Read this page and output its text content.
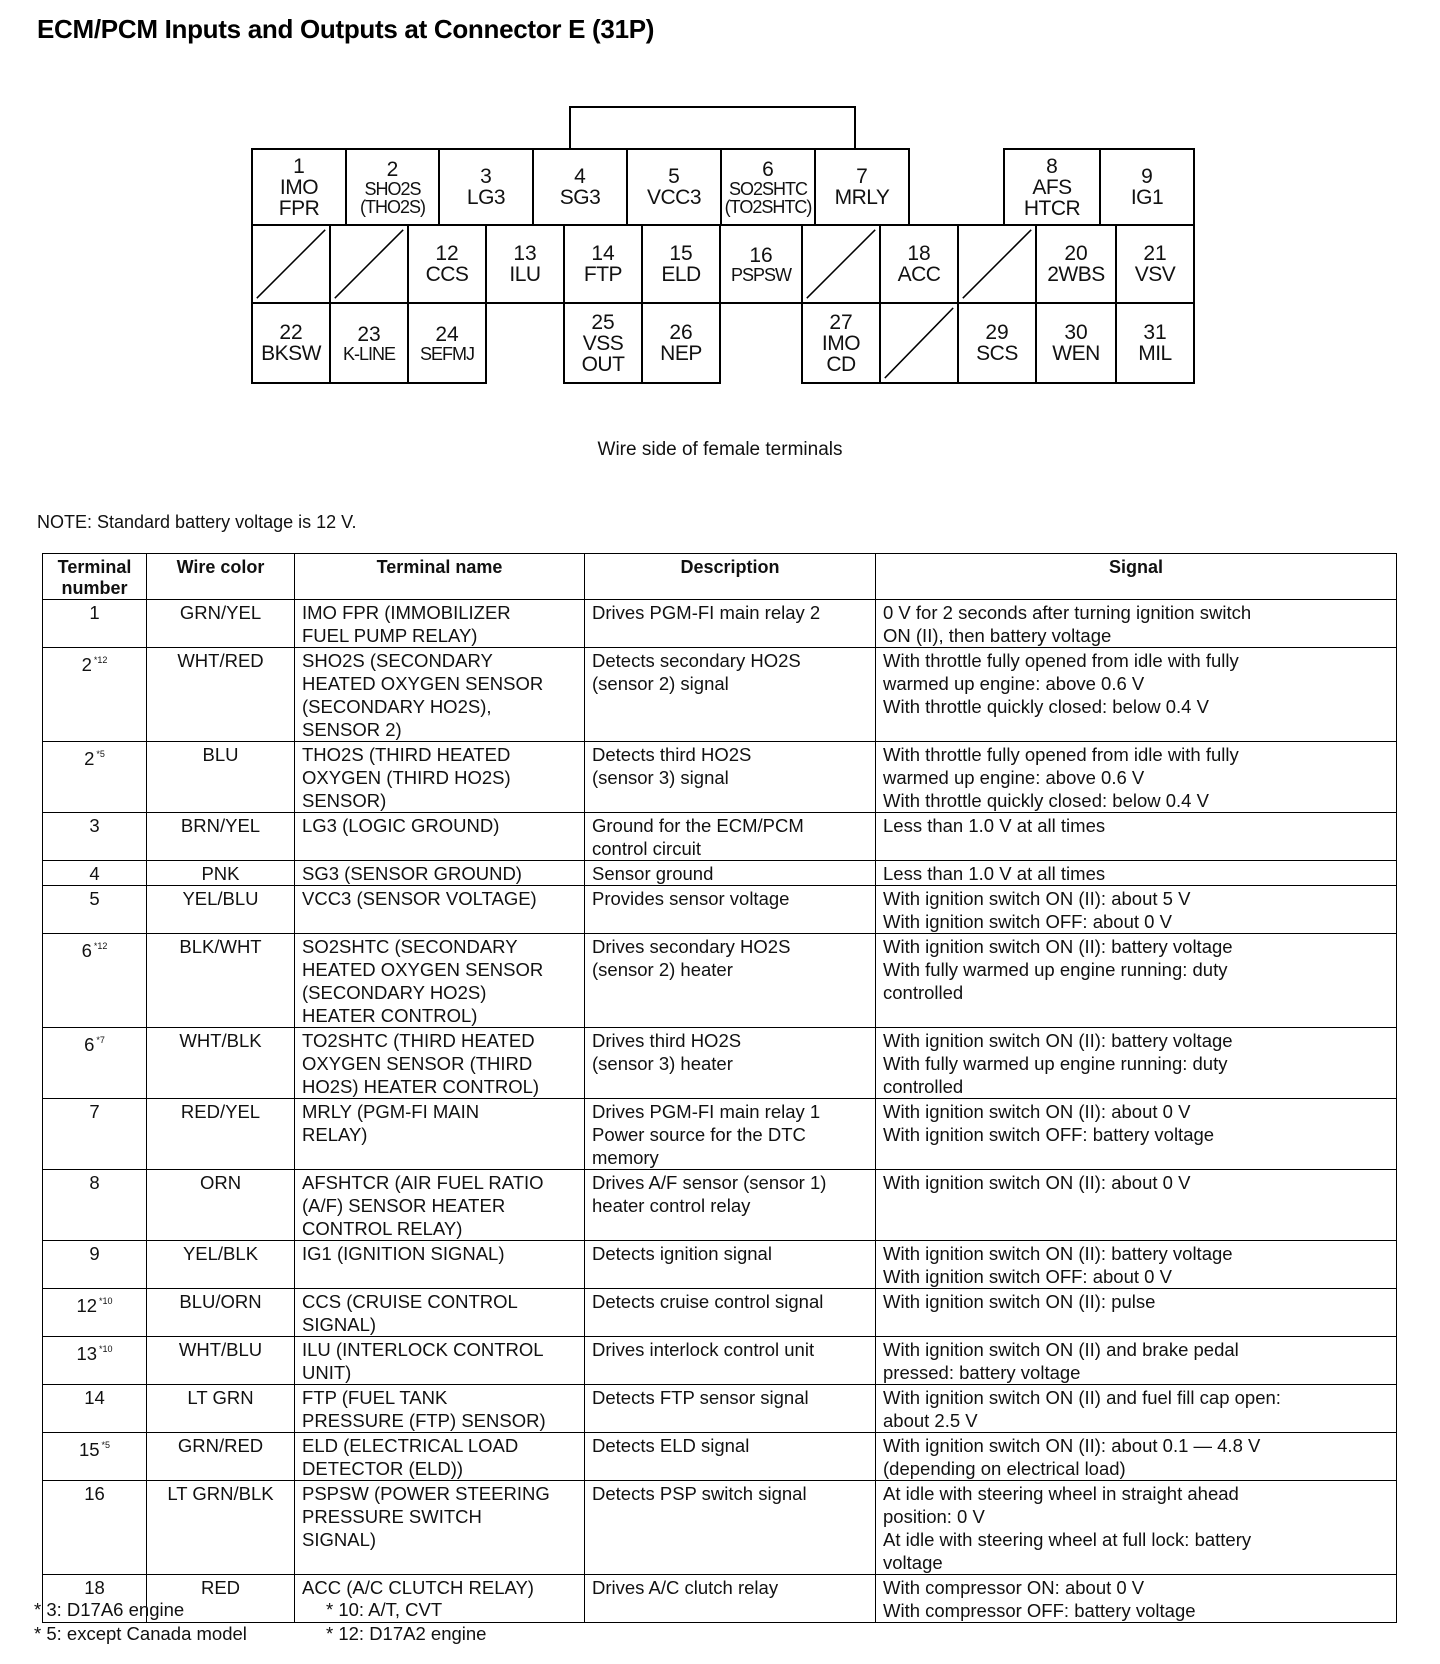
ECM/PCM Inputs and Outputs at Connector E (31P)
1
IMO
FPR
2
SHO2S
(THO2S)
3
LG3
4
SG3
5
VCC3
6
SO2SHTC
(TO2SHTC)
7
MRLY
8
AFS
HTCR
9
IG1
12
CCS
13
ILU
14
FTP
15
ELD
16
PSPSW
18
ACC
20
2WBS
21
VSV
22
BKSW
23
K-LINE
24
SEFMJ
25
VSS
OUT
26
NEP
27
IMO
CD
29
SCS
30
WEN
31
MIL
Wire side of female terminals
NOTE: Standard battery voltage is 12 V.
Terminal number	Wire color	Terminal name	Description	Signal
1	GRN/YEL	IMO FPR (IMMOBILIZER
FUEL PUMP RELAY)	Drives PGM-FI main relay 2	0 V for 2 seconds after turning ignition switch
ON (II), then battery voltage

2 $^{*12}$	WHT/RED	SHO2S (SECONDARY
HEATED OXYGEN SENSOR
(SECONDARY HO2S),
SENSOR 2)	Detects secondary HO2S
(sensor 2) signal	With throttle fully opened from idle with fully
warmed up engine: above 0.6 V
With throttle quickly closed: below 0.4 V

2 $^{*5}$	BLU	THO2S (THIRD HEATED
OXYGEN (THIRD HO2S)
SENSOR)	Detects third HO2S
(sensor 3) signal	With throttle fully opened from idle with fully
warmed up engine: above 0.6 V
With throttle quickly closed: below 0.4 V

3	BRN/YEL	LG3 (LOGIC GROUND)	Ground for the ECM/PCM
control circuit	Less than 1.0 V at all times

4	PNK	SG3 (SENSOR GROUND)	Sensor ground	Less than 1.0 V at all times

5	YEL/BLU	VCC3 (SENSOR VOLTAGE)	Provides sensor voltage	With ignition switch ON (II): about 5 V
With ignition switch OFF: about 0 V

6 $^{*12}$	BLK/WHT	SO2SHTC (SECONDARY
HEATED OXYGEN SENSOR
(SECONDARY HO2S)
HEATER CONTROL)	Drives secondary HO2S
(sensor 2) heater	With ignition switch ON (II): battery voltage
With fully warmed up engine running: duty
controlled

6 $^{*7}$	WHT/BLK	TO2SHTC (THIRD HEATED
OXYGEN SENSOR (THIRD
HO2S) HEATER CONTROL)	Drives third HO2S
(sensor 3) heater	With ignition switch ON (II): battery voltage
With fully warmed up engine running: duty
controlled

7	RED/YEL	MRLY (PGM-FI MAIN
RELAY)	Drives PGM-FI main relay 1
Power source for the DTC
memory	With ignition switch ON (II): about 0 V
With ignition switch OFF: battery voltage

8	ORN	AFSHTCR (AIR FUEL RATIO
(A/F) SENSOR HEATER
CONTROL RELAY)	Drives A/F sensor (sensor 1)
heater control relay	With ignition switch ON (II): about 0 V

9	YEL/BLK	IG1 (IGNITION SIGNAL)	Detects ignition signal	With ignition switch ON (II): battery voltage
With ignition switch OFF: about 0 V

12 $^{*10}$	BLU/ORN	CCS (CRUISE CONTROL
SIGNAL)	Detects cruise control signal	With ignition switch ON (II): pulse

13 $^{*10}$	WHT/BLU	ILU (INTERLOCK CONTROL
UNIT)	Drives interlock control unit	With ignition switch ON (II) and brake pedal
pressed: battery voltage

14	LT GRN	FTP (FUEL TANK
PRESSURE (FTP) SENSOR)	Detects FTP sensor signal	With ignition switch ON (II) and fuel fill cap open:
about 2.5 V

15 $^{*5}$	GRN/RED	ELD (ELECTRICAL LOAD
DETECTOR (ELD))	Detects ELD signal	With ignition switch ON (II): about 0.1 — 4.8 V
(depending on electrical load)

16	LT GRN/BLK	PSPSW (POWER STEERING
PRESSURE SWITCH
SIGNAL)	Detects PSP switch signal	At idle with steering wheel in straight ahead
position: 0 V
At idle with steering wheel at full lock: battery
voltage

18	RED	ACC (A/C CLUTCH RELAY)	Drives A/C clutch relay	With compressor ON: about 0 V
With compressor OFF: battery voltage
* 3: D17A6 engine
* 5: except Canada model
* 10: A/T, CVT
* 12: D17A2 engine
